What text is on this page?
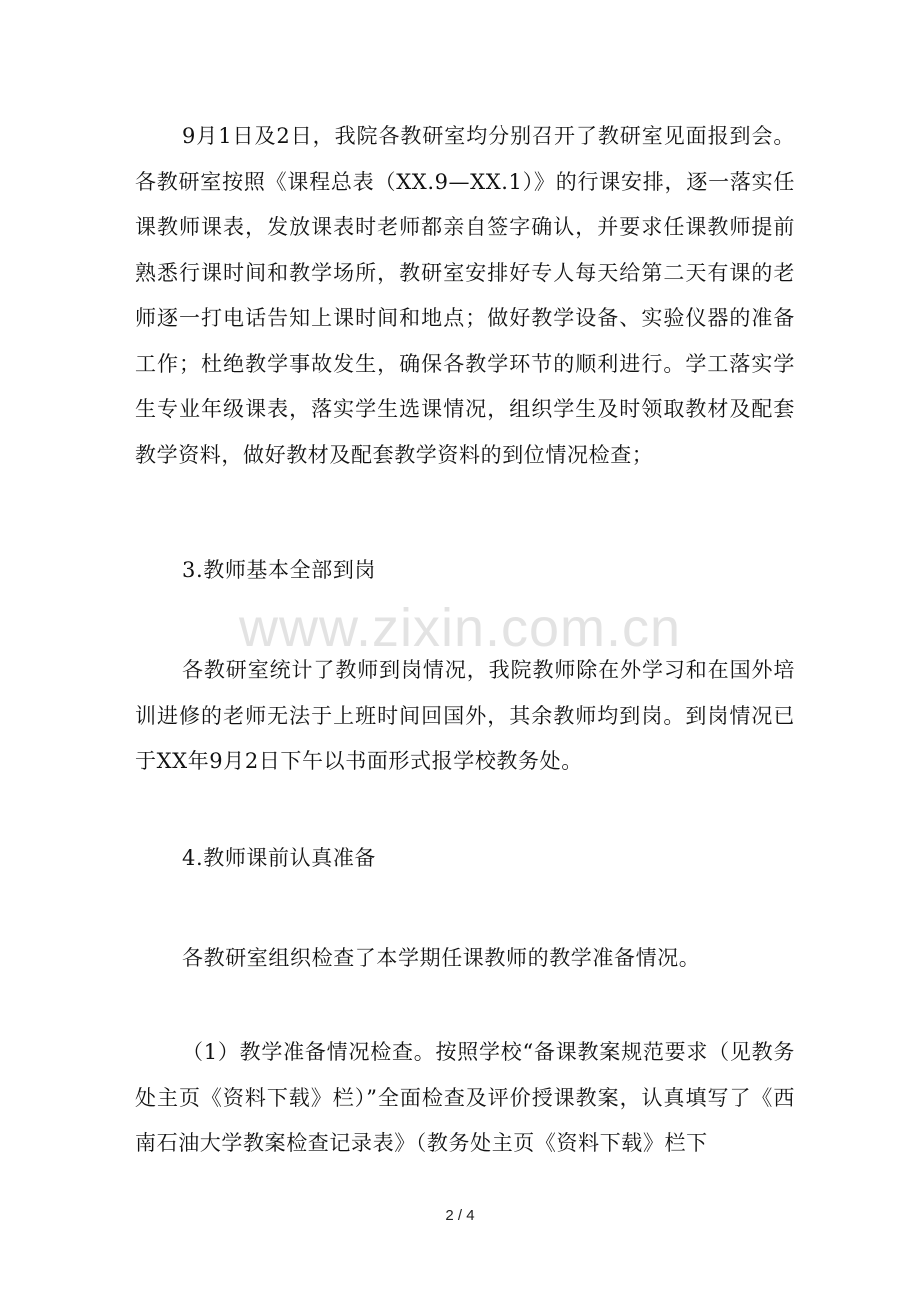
www.zixin.com.cn

9月1日及2日，我院各教研室均分别召开了教研室见面报到会。各教研室按照《课程总表（XX.9—XX.1）》的行课安排，逐一落实任课教师课表，发放课表时老师都亲自签字确认，并要求任课教师提前熟悉行课时间和教学场所，教研室安排好专人每天给第二天有课的老师逐一打电话告知上课时间和地点；做好教学设备、实验仪器的准备工作；杜绝教学事故发生，确保各教学环节的顺利进行。学工落实学生专业年级课表，落实学生选课情况，组织学生及时领取教材及配套教学资料，做好教材及配套教学资料的到位情况检查；

3.教师基本全部到岗

各教研室统计了教师到岗情况，我院教师除在外学习和在国外培训进修的老师无法于上班时间回国外，其余教师均到岗。到岗情况已于XX年9月2日下午以书面形式报学校教务处。

4.教师课前认真准备

各教研室组织检查了本学期任课教师的教学准备情况。

（1）教学准备情况检查。按照学校“备课教案规范要求（见教务处主页《资料下载》栏）”全面检查及评价授课教案，认真填写了《西南石油大学教案检查记录表》（教务处主页《资料下载》栏下

2 / 4
